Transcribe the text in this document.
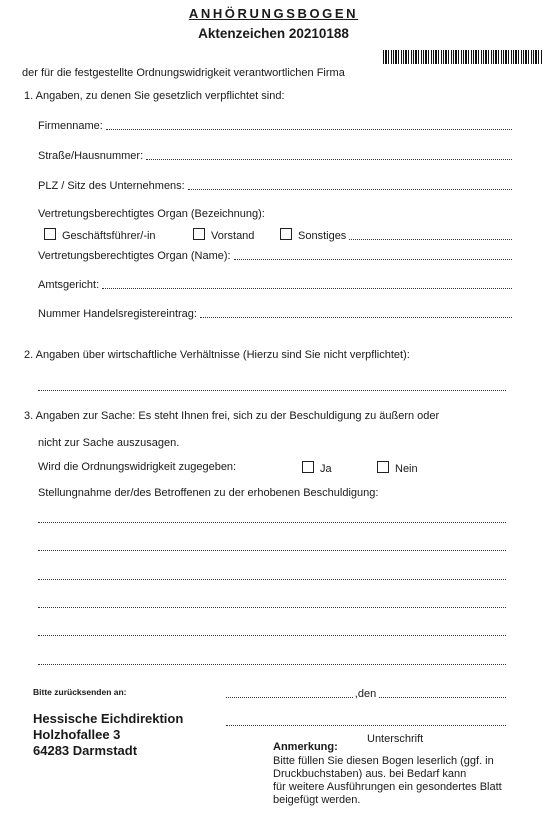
ANHÖRUNGSBOGEN
Aktenzeichen 20210188
der für die festgestellte Ordnungswidrigkeit verantwortlichen Firma
1. Angaben, zu denen Sie gesetzlich verpflichtet sind:
Firmenname:
Straße/Hausnummer:
PLZ / Sitz des Unternehmens:
Vertretungsberechtigtes Organ (Bezeichnung):
Geschäftsführer/-in	Vorstand	Sonstiges
Vertretungsberechtigtes Organ (Name):
Amtsgericht:
Nummer Handelsregistereintrag:
2. Angaben über wirtschaftliche Verhältnisse (Hierzu sind Sie nicht verpflichtet):
3. Angaben zur Sache: Es steht Ihnen frei, sich zu der Beschuldigung zu äußern oder
nicht zur Sache auszusagen.
Wird die Ordnungswidrigkeit zugegeben:	Ja	Nein
Stellungnahme der/des Betroffenen zu der erhobenen Beschuldigung:
Bitte zurücksenden an:	,den
Unterschrift
Hessische Eichdirektion
Holzhofallee 3
64283 Darmstadt	Anmerkung:
Bitte füllen Sie diesen Bogen leserlich (ggf. in
Druckbuchstaben) aus. bei Bedarf kann
für weitere Ausführungen ein gesondertes Blatt
beigefügt werden.
